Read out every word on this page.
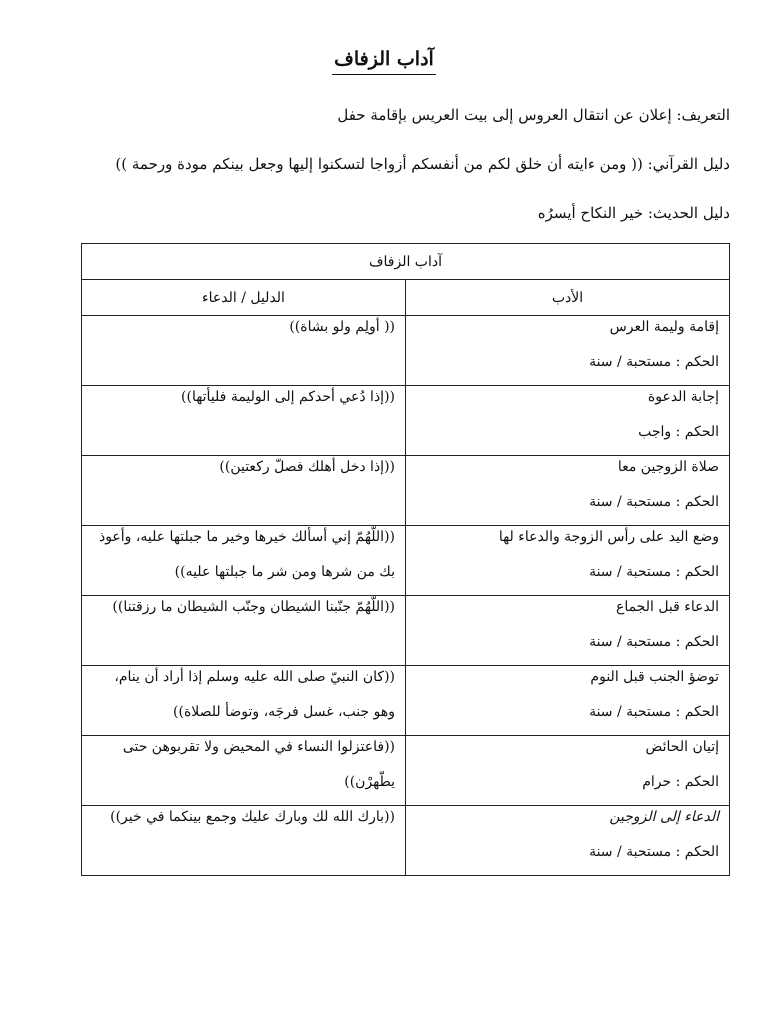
آداب الزفاف
التعريف: إعلان عن انتقال العروس إلى بيت العريس بإقامة حفل
دليل القرآني: (( ومن ءايته أن خلق لكم من أنفسكم أزواجا لتسكنوا إليها وجعل بينكم مودة ورحمة ))
دليل الحديث: خير النكاح أيسرُه
آداب الزفاف	
الأدب	الدليل / الدعاء

إقامة وليمة العرس
الحكم : مستحبة / سنة	(( أولِم ولو بشاة))

إجابة الدعوة
الحكم : واجب	((إذا دُعي أحدكم إلى الوليمة فليأتها))

صلاة الزوجين معا
الحكم : مستحبة / سنة	((إذا دخل أهلك فصلّ ركعتين))

وضع اليد على رأس الزوجة والدعاء لها
الحكم : مستحبة / سنة	((اللّهُمّ إني أسألك خيرها وخير ما جبلتها عليه، وأعوذ بك من شرها ومن شر ما جبلتها عليه))

الدعاء قبل الجماع
الحكم : مستحبة / سنة	((اللّهُمّ جنّبنا الشيطان وجنّب الشيطان ما رزقتنا))

توضؤ الجنب قبل النوم
الحكم : مستحبة / سنة	((كان النبيّ صلى الله عليه وسلم إذا أراد أن ينام، وهو جنب، غسل فرجَه، وتوضأ للصلاة))

إتيان الحائض
الحكم : حرام	((فاعتزلوا النساء في المحيض ولا تقربوهن حتى يطّهرْن))

الدعاء إلى الزوجين
الحكم : مستحبة / سنة	((بارك الله لك وبارك عليك وجمع بينكما في خير))
